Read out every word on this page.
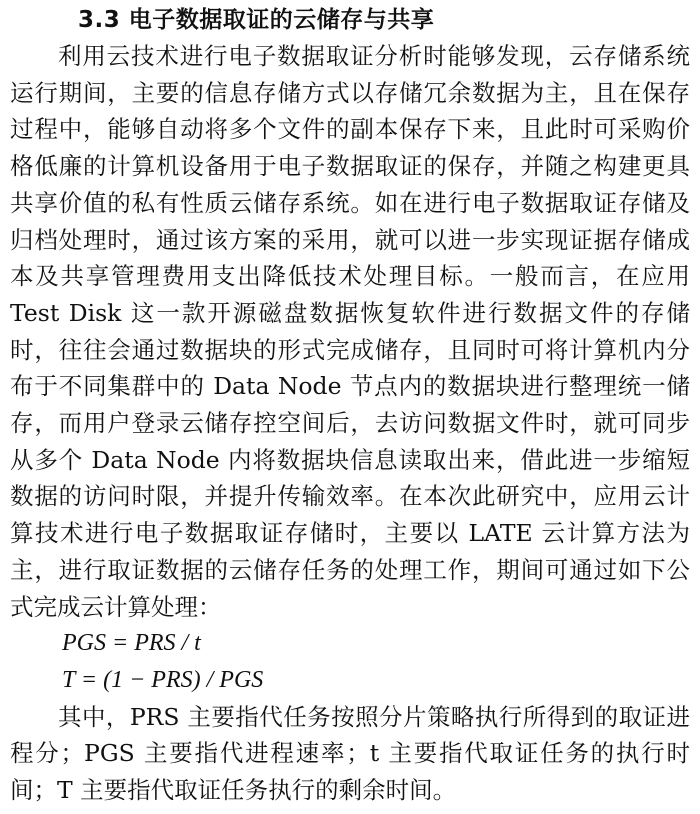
3.3 电子数据取证的云储存与共享

利用云技术进行电子数据取证分析时能够发现，云存储系统运行期间，主要的信息存储方式以存储冗余数据为主，且在保存过程中，能够自动将多个文件的副本保存下来，且此时可采购价格低廉的计算机设备用于电子数据取证的保存，并随之构建更具共享价值的私有性质云储存系统。如在进行电子数据取证存储及归档处理时，通过该方案的采用，就可以进一步实现证据存储成本及共享管理费用支出降低技术处理目标。一般而言，在应用 Test Disk 这一款开源磁盘数据恢复软件进行数据文件的存储时，往往会通过数据块的形式完成储存，且同时可将计算机内分布于不同集群中的 Data Node 节点内的数据块进行整理统一储存，而用户登录云储存控空间后，去访问数据文件时，就可同步从多个 Data Node 内将数据块信息读取出来，借此进一步缩短数据的访问时限，并提升传输效率。在本次此研究中，应用云计算技术进行电子数据取证存储时，主要以 LATE 云计算方法为主，进行取证数据的云储存任务的处理工作，期间可通过如下公式完成云计算处理：

PGS = PRS / t
T = (1 − PRS) / PGS

其中，PRS 主要指代任务按照分片策略执行所得到的取证进程分；PGS 主要指代进程速率；t 主要指代取证任务的执行时间；T 主要指代取证任务执行的剩余时间。
